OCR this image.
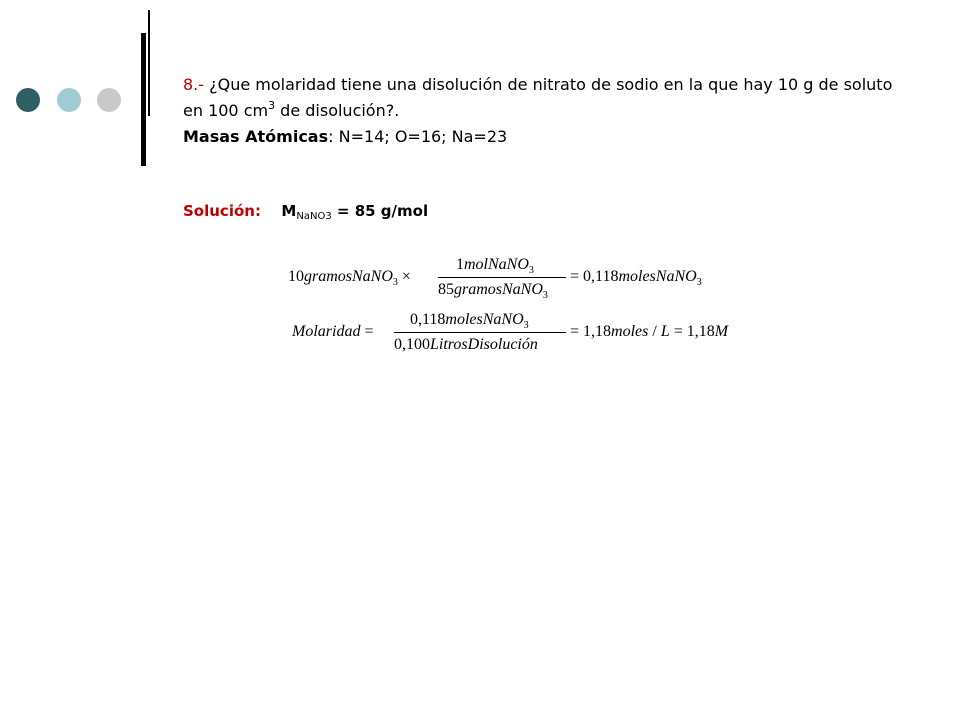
8.- ¿Que molaridad tiene una disolución de nitrato de sodio en la que hay 10 g de soluto en 100 $cm^3$ de disolución?.
Masas Atómicas: N=14; O=16; Na=23
Solución: $M_{NaNO3} = 85$ g/mol
10gramosNaNO$_3$ ×
1molNaNO$_3$
85gramosNaNO$_3$
= 0,118molesNaNO$_3$
Molaridad =
0,118molesNaNO$_3$
0,100LitrosDisolución
= 1,18moles / L = 1,18M
